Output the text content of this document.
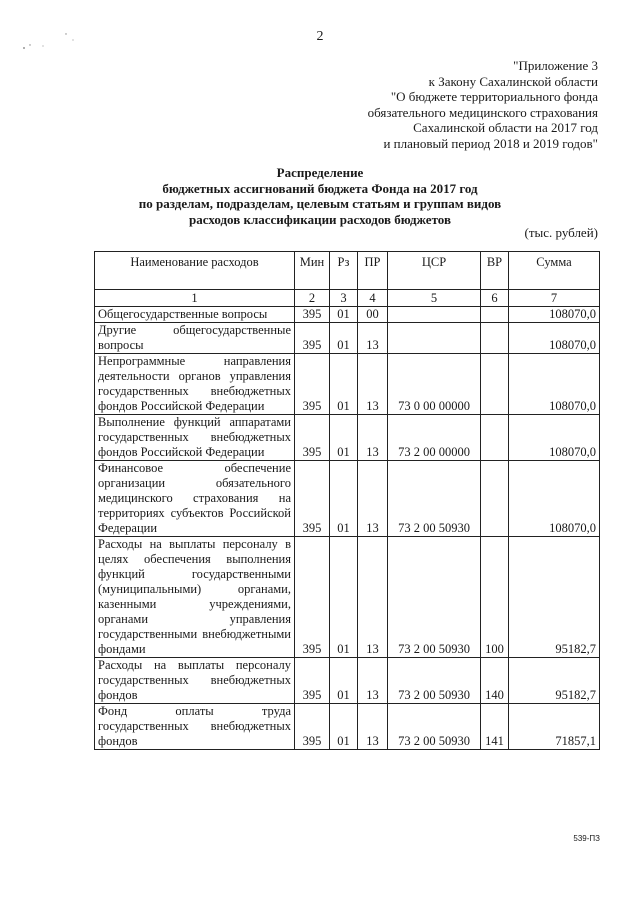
2
"Приложение 3
к Закону Сахалинской области
"О бюджете территориального фонда
обязательного медицинского страхования
Сахалинской области на 2017 год
и плановый период 2018 и 2019 годов"
Распределение
бюджетных ассигнований бюджета Фонда на 2017 год
по разделам, подразделам, целевым статьям и группам видов
расходов классификации расходов бюджетов
(тыс. рублей)
Наименование расходов	Мин	Рз	ПР	ЦСР	ВР	Сумма
1	2	3	4	5	6	7
Общегосударственные вопросы	395	01	00			108070,0
Другие общегосударственные вопросы	395	01	13			108070,0
Непрограммные направления деятельности органов управления государственных внебюджетных фондов Российской Федерации	395	01	13	73 0 00 00000		108070,0
Выполнение функций аппаратами государственных внебюджетных фондов Российской Федерации	395	01	13	73 2 00 00000		108070,0
Финансовое обеспечение организации обязательного медицинского страхования на территориях субъектов Российской Федерации	395	01	13	73 2 00 50930		108070,0
Расходы на выплаты персоналу в целях обеспечения выполнения функций государственными (муниципальными) органами, казенными учреждениями, органами управления государственными внебюджетными фондами	395	01	13	73 2 00 50930	100	95182,7
Расходы на выплаты персоналу государственных внебюджетных фондов	395	01	13	73 2 00 50930	140	95182,7
Фонд оплаты труда государственных внебюджетных фондов	395	01	13	73 2 00 50930	141	71857,1
539-ПЗ
